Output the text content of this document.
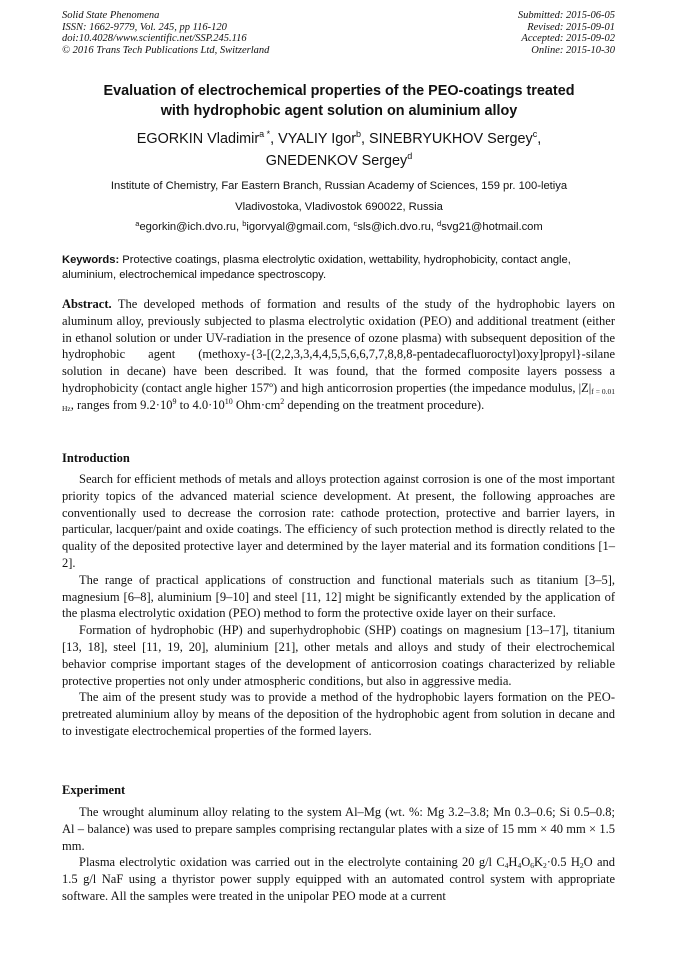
Solid State Phenomena
ISSN: 1662-9779, Vol. 245, pp 116-120
doi:10.4028/www.scientific.net/SSP.245.116
© 2016 Trans Tech Publications Ltd, Switzerland
Submitted: 2015-06-05
Revised: 2015-09-01
Accepted: 2015-09-02
Online: 2015-10-30
Evaluation of electrochemical properties of the PEO-coatings treated
with hydrophobic agent solution on aluminium alloy
EGORKIN Vladimir$^{a *}$, VYALIY Igor$^b$, SINEBRYUKHOV Sergey$^c$,
GNEDENKOV Sergey$^d$
Institute of Chemistry, Far Eastern Branch, Russian Academy of Sciences, 159 pr. 100-letiya
Vladivostoka, Vladivostok 690022, Russia
$^a$egorkin@ich.dvo.ru, $^b$igorvyal@gmail.com, $^c$sls@ich.dvo.ru, $^d$svg21@hotmail.com
Keywords: Protective coatings, plasma electrolytic oxidation, wettability, hydrophobicity, contact angle, aluminium, electrochemical impedance spectroscopy.
Abstract. The developed methods of formation and results of the study of the hydrophobic layers on aluminum alloy, previously subjected to plasma electrolytic oxidation (PEO) and additional treatment (either in ethanol solution or under UV-radiation in the presence of ozone plasma) with subsequent deposition of the hydrophobic agent (methoxy-{3-[(2,2,3,3,4,4,5,5,6,6,7,7,8,8,8-pentadecafluoroctyl)oxy]propyl}-silane solution in decane) have been described. It was found, that the formed composite layers possess a hydrophobicity (contact angle higher 157º) and high anticorrosion properties (the impedance modulus, $|Z|_{f = 0.01 Hz}$, ranges from $9.2\cdot 10^9$ to $4.0\cdot 10^{10}$ $Ohm\cdot cm^2$ depending on the treatment procedure).
Introduction

Search for efficient methods of metals and alloys protection against corrosion is one of the most important priority topics of the advanced material science development. At present, the following approaches are conventionally used to decrease the corrosion rate: cathode protection, protective and barrier layers, in particular, lacquer/paint and oxide coatings. The efficiency of such protection method is directly related to the quality of the deposited protective layer and determined by the layer material and its formation conditions [1–2].

The range of practical applications of construction and functional materials such as titanium [3–5], magnesium [6–8], aluminium [9–10] and steel [11, 12] might be significantly extended by the application of the plasma electrolytic oxidation (PEO) method to form the protective oxide layer on their surface.

Formation of hydrophobic (HP) and superhydrophobic (SHP) coatings on magnesium [13–17], titanium [13, 18], steel [11, 19, 20], aluminium [21], other metals and alloys and study of their electrochemical behavior comprise important stages of the development of anticorrosion coatings characterized by reliable protective properties not only under atmospheric conditions, but also in aggressive media.

The aim of the present study was to provide a method of the hydrophobic layers formation on the PEO-pretreated aluminium alloy by means of the deposition of the hydrophobic agent from solution in decane and to investigate electrochemical properties of the formed layers.

Experiment

The wrought aluminum alloy relating to the system Al–Mg (wt. %: Mg 3.2–3.8; Mn 0.3–0.6; Si 0.5–0.8; Al – balance) was used to prepare samples comprising rectangular plates with a size of 15 mm × 40 mm × 1.5 mm.

Plasma electrolytic oxidation was carried out in the electrolyte containing 20 g/l $C_4H_4O_6K_2\cdot 0.5$ $H_2O$ and 1.5 g/l NaF using a thyristor power supply equipped with an automated control system with appropriate software. All the samples were treated in the unipolar PEO mode at a current
